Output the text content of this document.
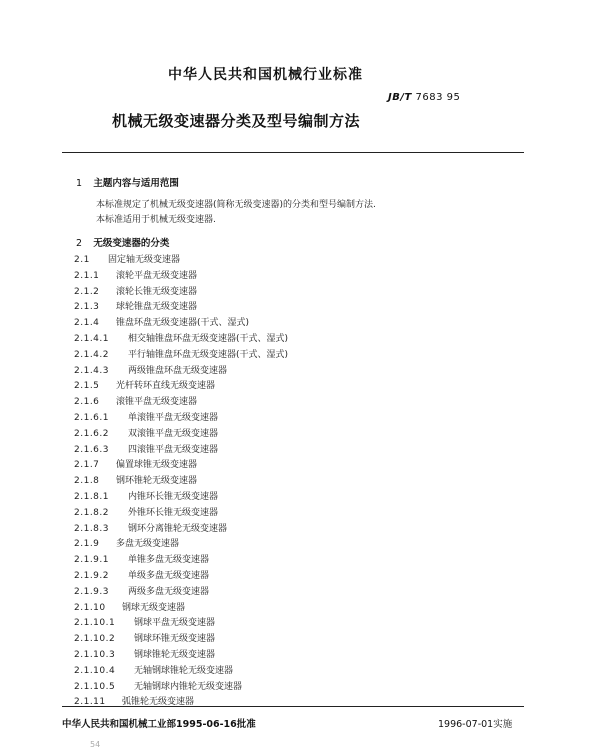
中华人民共和国机械行业标准
JB/T 7683 95
机械无级变速器分类及型号编制方法
1 主题内容与适用范围
本标准规定了机械无级变速器(简称无级变速器)的分类和型号编制方法.
本标准适用于机械无级变速器.
2 无级变速器的分类
2.1 固定轴无级变速器
2.1.1 滚轮平盘无级变速器
2.1.2 滚轮长锥无级变速器
2.1.3 球轮锥盘无级变速器
2.1.4 锥盘环盘无级变速器(干式、湿式)
2.1.4.1 相交轴锥盘环盘无级变速器(干式、湿式)
2.1.4.2 平行轴锥盘环盘无级变速器(干式、湿式)
2.1.4.3 两级锥盘环盘无级变速器
2.1.5 光杆转环直线无级变速器
2.1.6 滚锥平盘无级变速器
2.1.6.1 单滚锥平盘无级变速器
2.1.6.2 双滚锥平盘无级变速器
2.1.6.3 四滚锥平盘无级变速器
2.1.7 偏置球锥无级变速器
2.1.8 钢环锥轮无级变速器
2.1.8.1 内锥环长锥无级变速器
2.1.8.2 外锥环长锥无级变速器
2.1.8.3 钢环分离锥轮无级变速器
2.1.9 多盘无级变速器
2.1.9.1 单锥多盘无级变速器
2.1.9.2 单级多盘无级变速器
2.1.9.3 两级多盘无级变速器
2.1.10 钢球无级变速器
2.1.10.1 钢球平盘无级变速器
2.1.10.2 钢球环锥无级变速器
2.1.10.3 钢球锥轮无级变速器
2.1.10.4 无轴钢球锥轮无级变速器
2.1.10.5 无轴钢球内锥轮无级变速器
2.1.11 弧锥轮无级变速器
中华人民共和国机械工业部1995-06-16批准	1996-07-01实施
54
